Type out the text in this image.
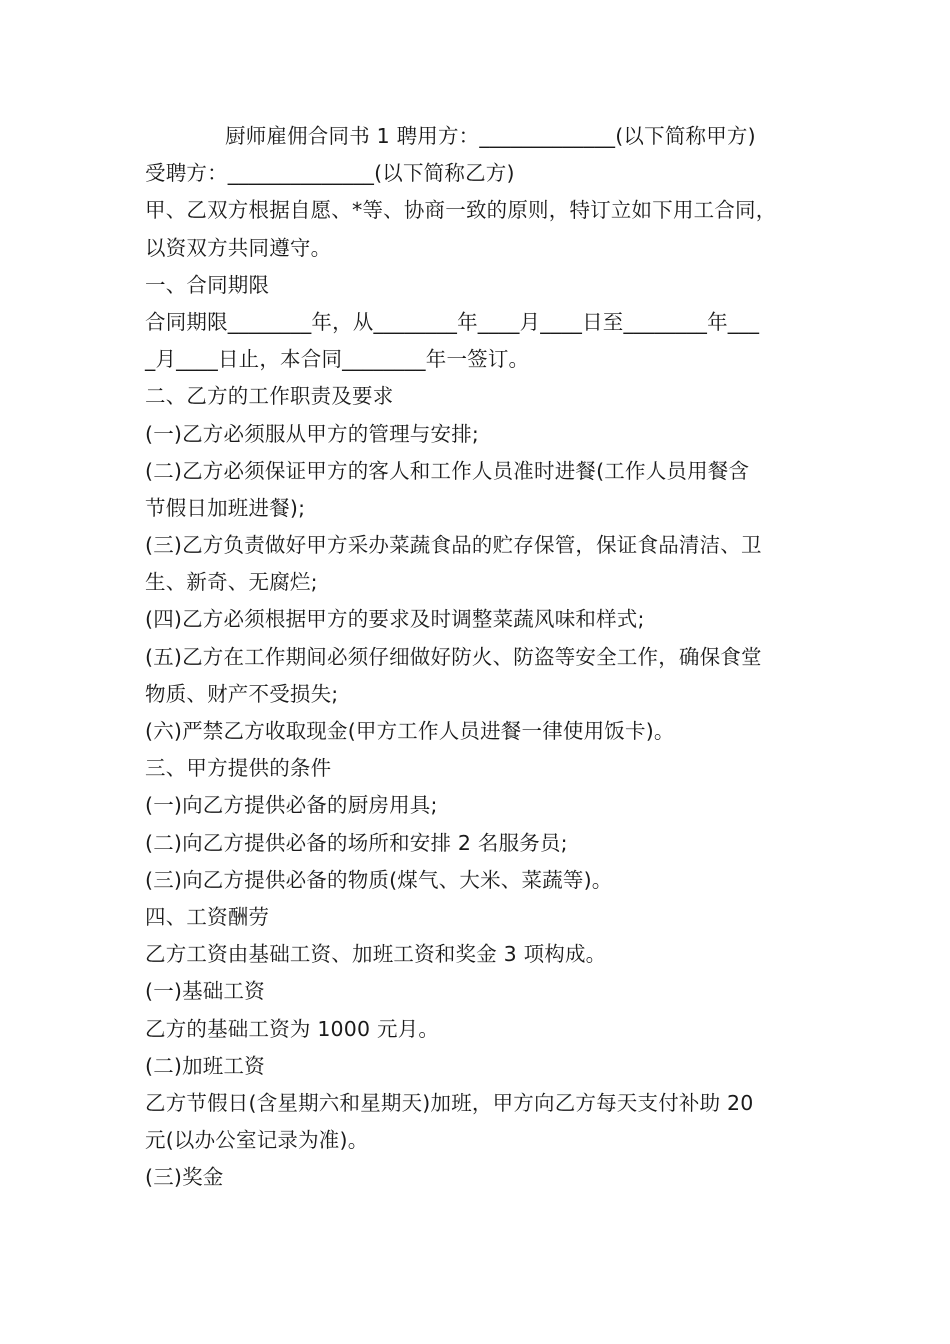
厨师雇佣合同书 1 聘用方：_____________(以下简称甲方)
受聘方：______________(以下简称乙方)
甲、乙双方根据自愿、*等、协商一致的原则，特订立如下用工合同，
以资双方共同遵守。
一、合同期限
合同期限________年，从________年____月____日至________年___
_月____日止，本合同________年一签订。
二、乙方的工作职责及要求
(一)乙方必须服从甲方的管理与安排;
(二)乙方必须保证甲方的客人和工作人员准时进餐(工作人员用餐含
节假日加班进餐);
(三)乙方负责做好甲方采办菜蔬食品的贮存保管，保证食品清洁、卫
生、新奇、无腐烂;
(四)乙方必须根据甲方的要求及时调整菜蔬风味和样式;
(五)乙方在工作期间必须仔细做好防火、防盗等安全工作，确保食堂
物质、财产不受损失;
(六)严禁乙方收取现金(甲方工作人员进餐一律使用饭卡)。
三、甲方提供的条件
(一)向乙方提供必备的厨房用具;
(二)向乙方提供必备的场所和安排 2 名服务员;
(三)向乙方提供必备的物质(煤气、大米、菜蔬等)。
四、工资酬劳
乙方工资由基础工资、加班工资和奖金 3 项构成。
(一)基础工资
乙方的基础工资为 1000 元月。
(二)加班工资
乙方节假日(含星期六和星期天)加班，甲方向乙方每天支付补助 20
元(以办公室记录为准)。
(三)奖金
